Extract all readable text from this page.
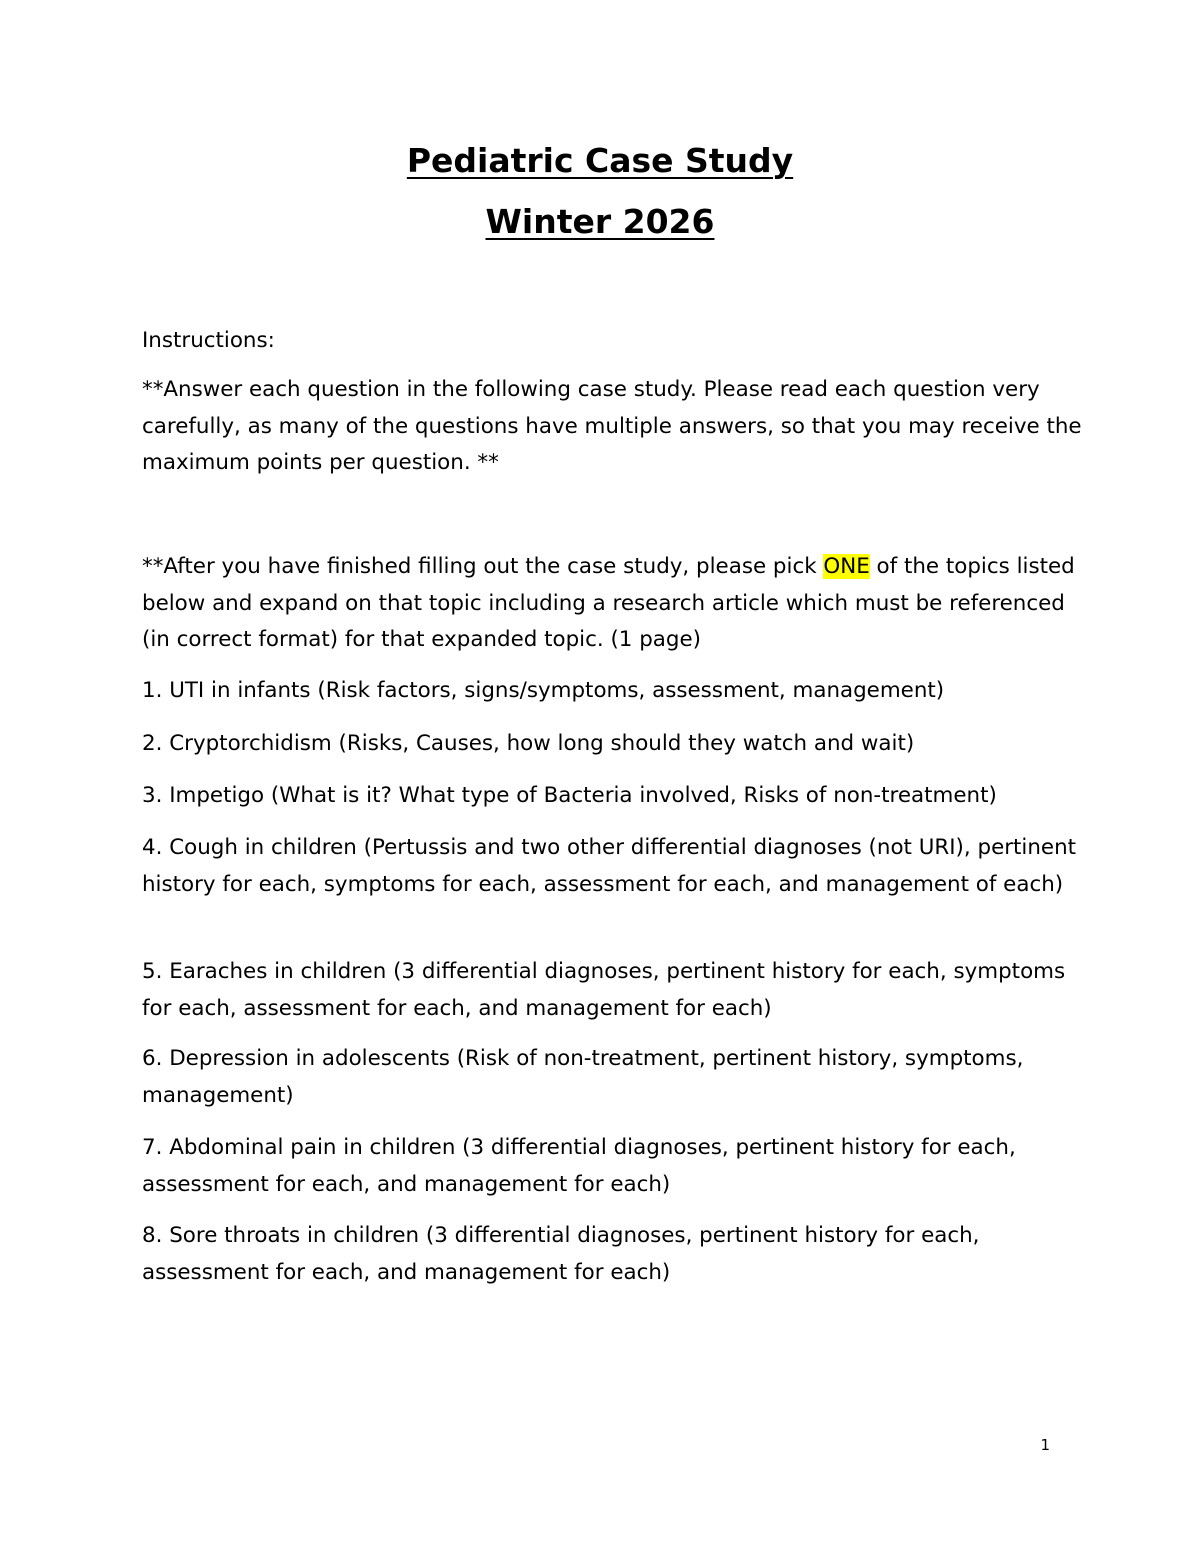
Pediatric Case Study
Winter 2026

Instructions:

**Answer each question in the following case study. Please read each question very carefully, as many of the questions have multiple answers, so that you may receive the maximum points per question. **

**After you have finished filling out the case study, please pick ONE of the topics listed below and expand on that topic including a research article which must be referenced (in correct format) for that expanded topic. (1 page)

1. UTI in infants (Risk factors, signs/symptoms, assessment, management)

2. Cryptorchidism (Risks, Causes, how long should they watch and wait)

3. Impetigo (What is it? What type of Bacteria involved, Risks of non-treatment)

4. Cough in children (Pertussis and two other differential diagnoses (not URI), pertinent history for each, symptoms for each, assessment for each, and management of each)

5. Earaches in children (3 differential diagnoses, pertinent history for each, symptoms for each, assessment for each, and management for each)

6. Depression in adolescents (Risk of non-treatment, pertinent history, symptoms, management)

7. Abdominal pain in children (3 differential diagnoses, pertinent history for each, assessment for each, and management for each)

8. Sore throats in children (3 differential diagnoses, pertinent history for each, assessment for each, and management for each)

1
